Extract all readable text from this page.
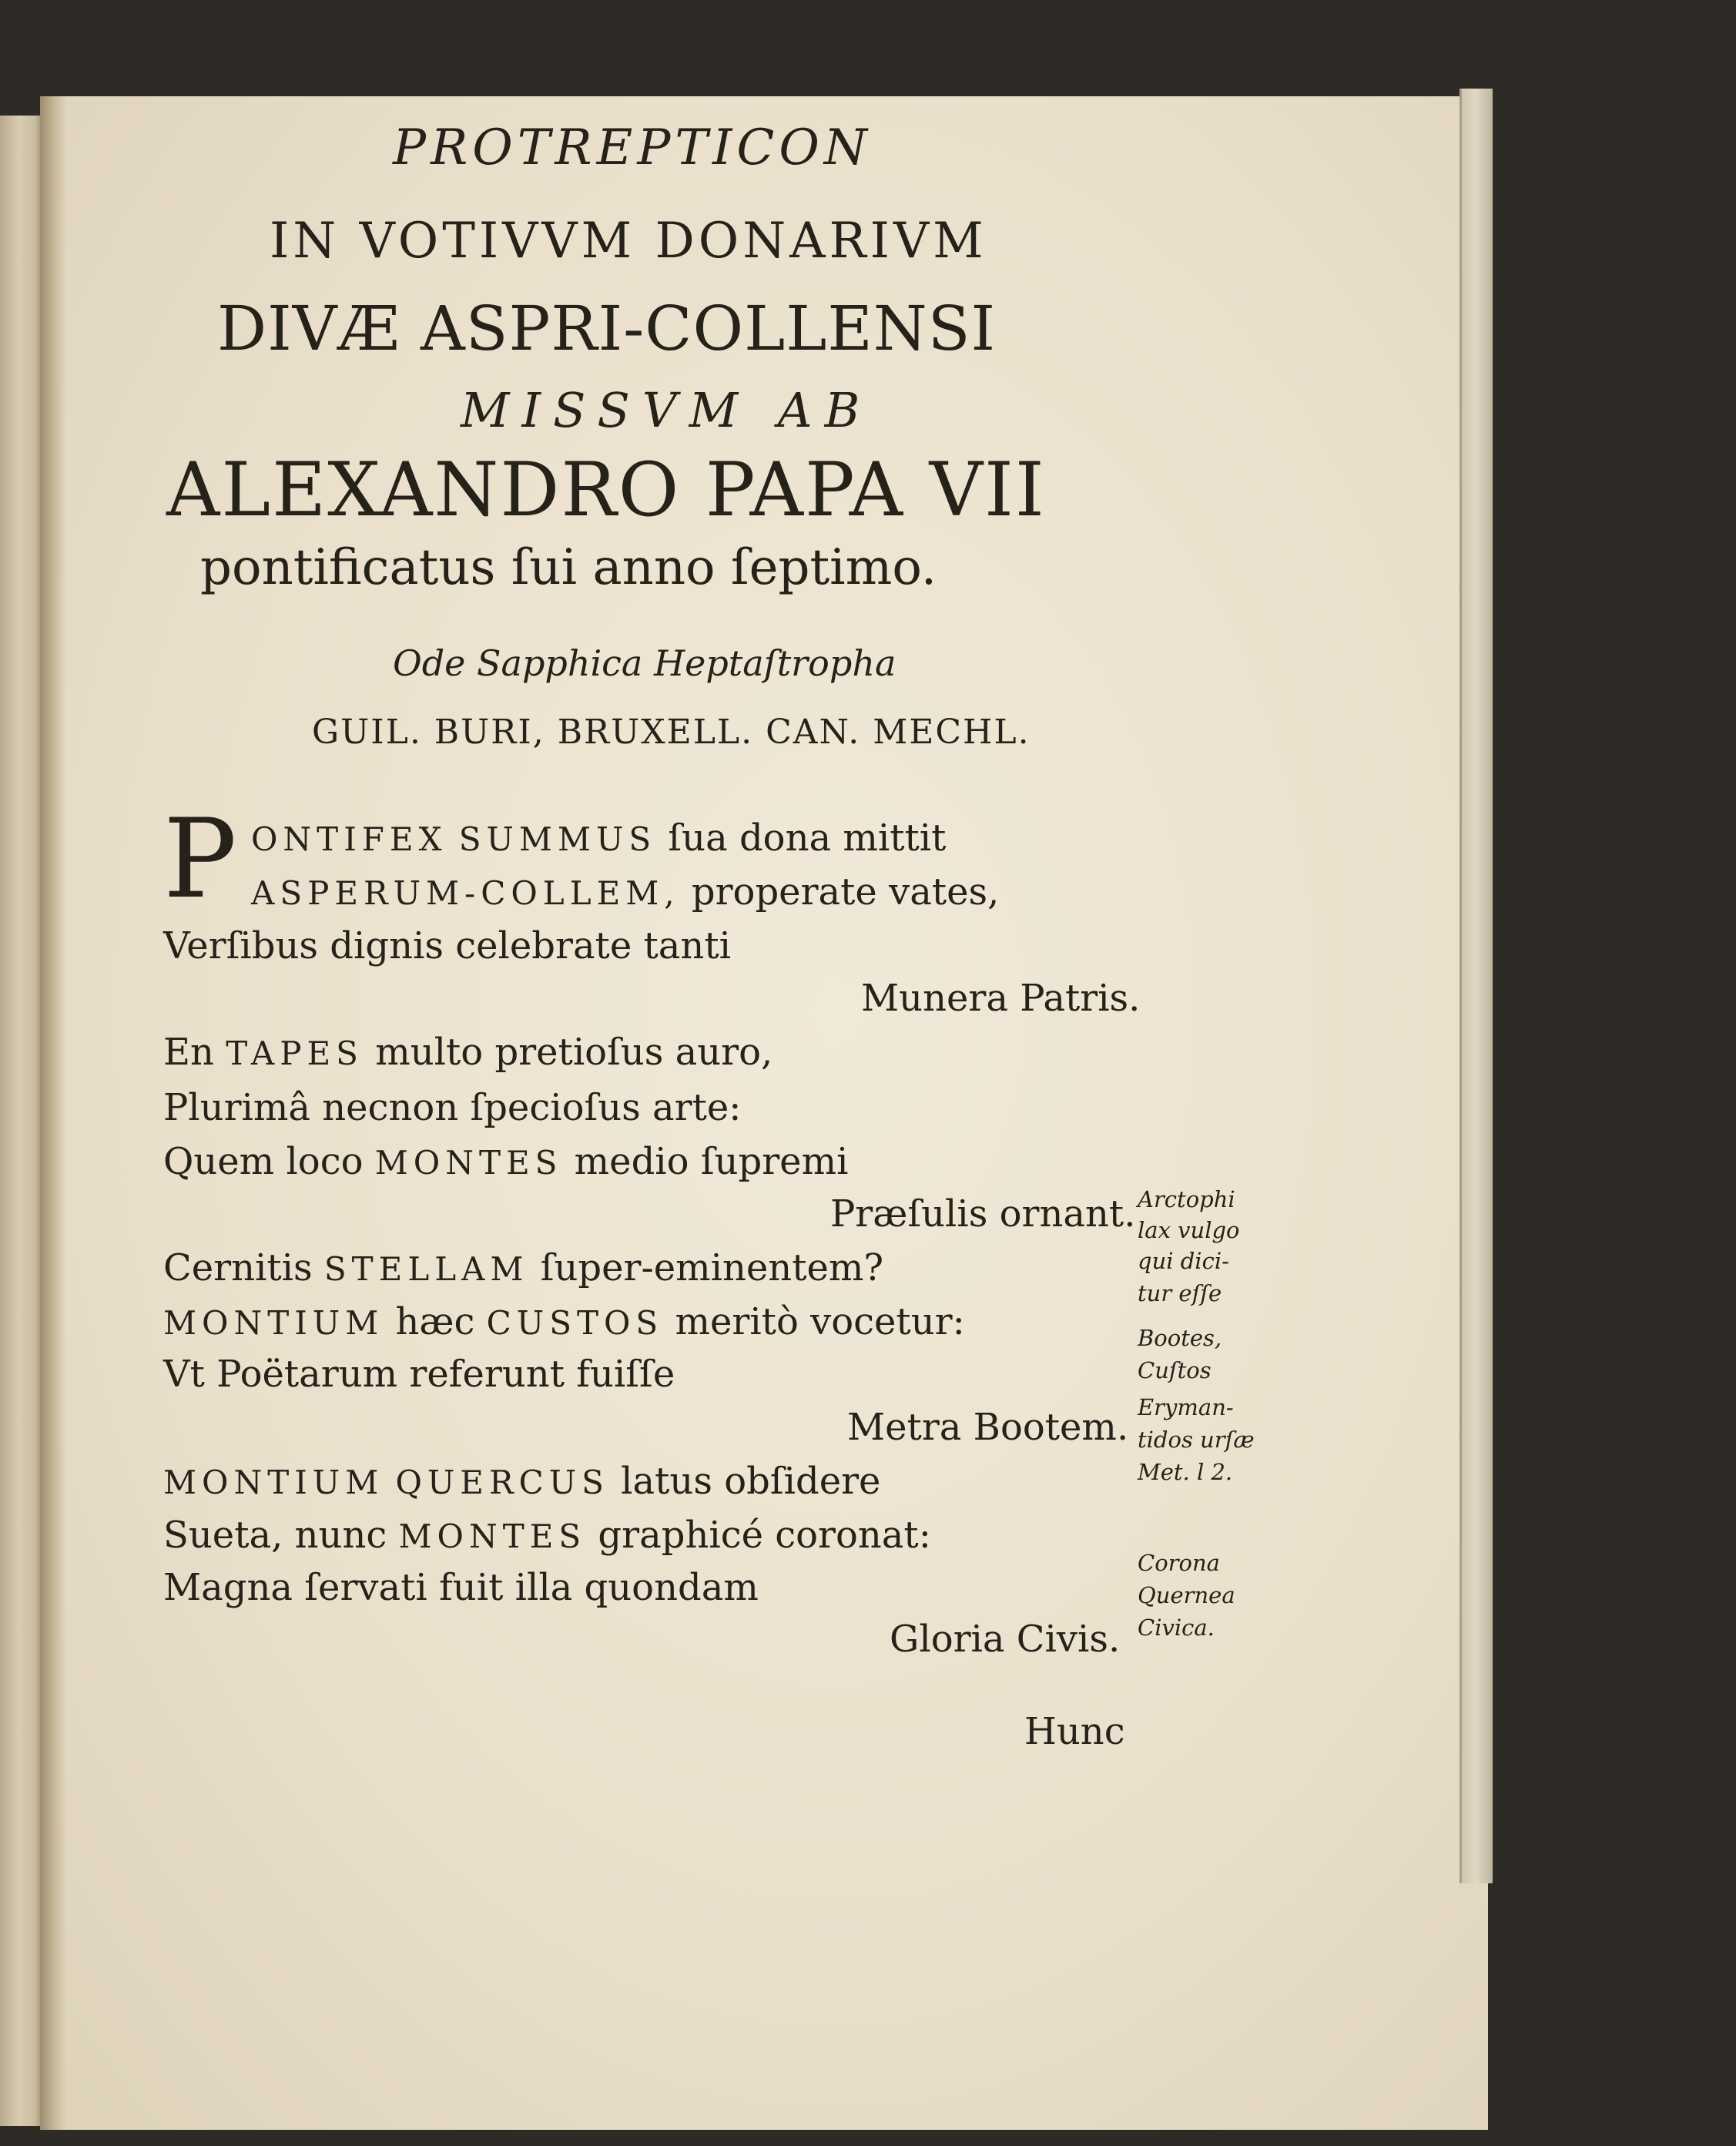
PROTREPTICON
IN VOTIVVM DONARIVM
DIVÆ ASPRI-COLLENSI
MISSVM AB
ALEXANDRO PAPA VII
pontificatus ſui anno ſeptimo.
Ode Sapphica Heptaſtropha
GUIL. BURI, BRUXELL. CAN. MECHL.
P ONTIFEX SUMMUS ſua dona mittit
ASPERUM-COLLEM, properate vates,
Verſibus dignis celebrate tanti
Munera Patris.
En TAPES multo pretioſus auro,
Plurimâ necnon ſpecioſus arte:
Quem loco MONTES medio ſupremi
Præſulis ornant.
Cernitis STELLAM ſuper-eminentem?
MONTIUM hæc CUSTOS meritò vocetur:
Vt Poëtarum referunt fuiſſe
Metra Bootem.
MONTIUM QUERCUS latus obſidere
Sueta, nunc MONTES graphicé coronat:
Magna ſervati fuit illa quondam
Gloria Civis.
Hunc
Arctophi
lax vulgo
qui dici-
tur eſſe
Bootes,
Cuſtos
Eryman-
tidos urſæ
Met. l 2.
Corona
Quernea
Civica.
